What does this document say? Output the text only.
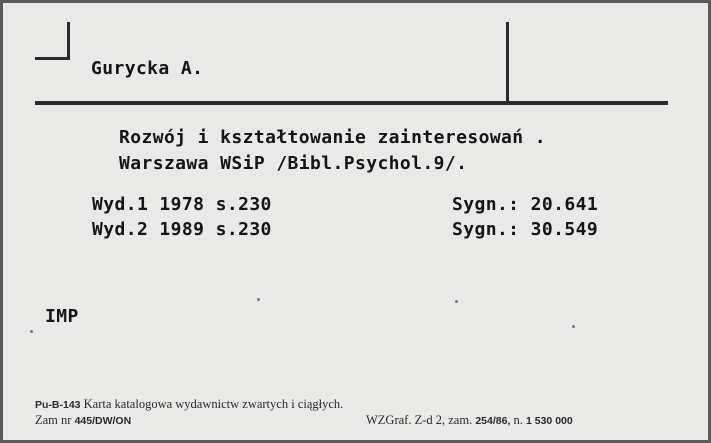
Gurycka A.
Rozwój i kształtowanie zainteresowań .
Warszawa WSiP /Bibl.Psychol.9/.
Wyd.1 1978 s.230	Sygn.: 20.641
Wyd.2 1989 s.230	Sygn.: 30.549
IMP
Pu-B-143 Karta katalogowa wydawnictw zwartych i ciągłych.
Zam nr 445/DW/ON	WZGraf. Z-d 2, zam. 254/86, n. 1 530 000
